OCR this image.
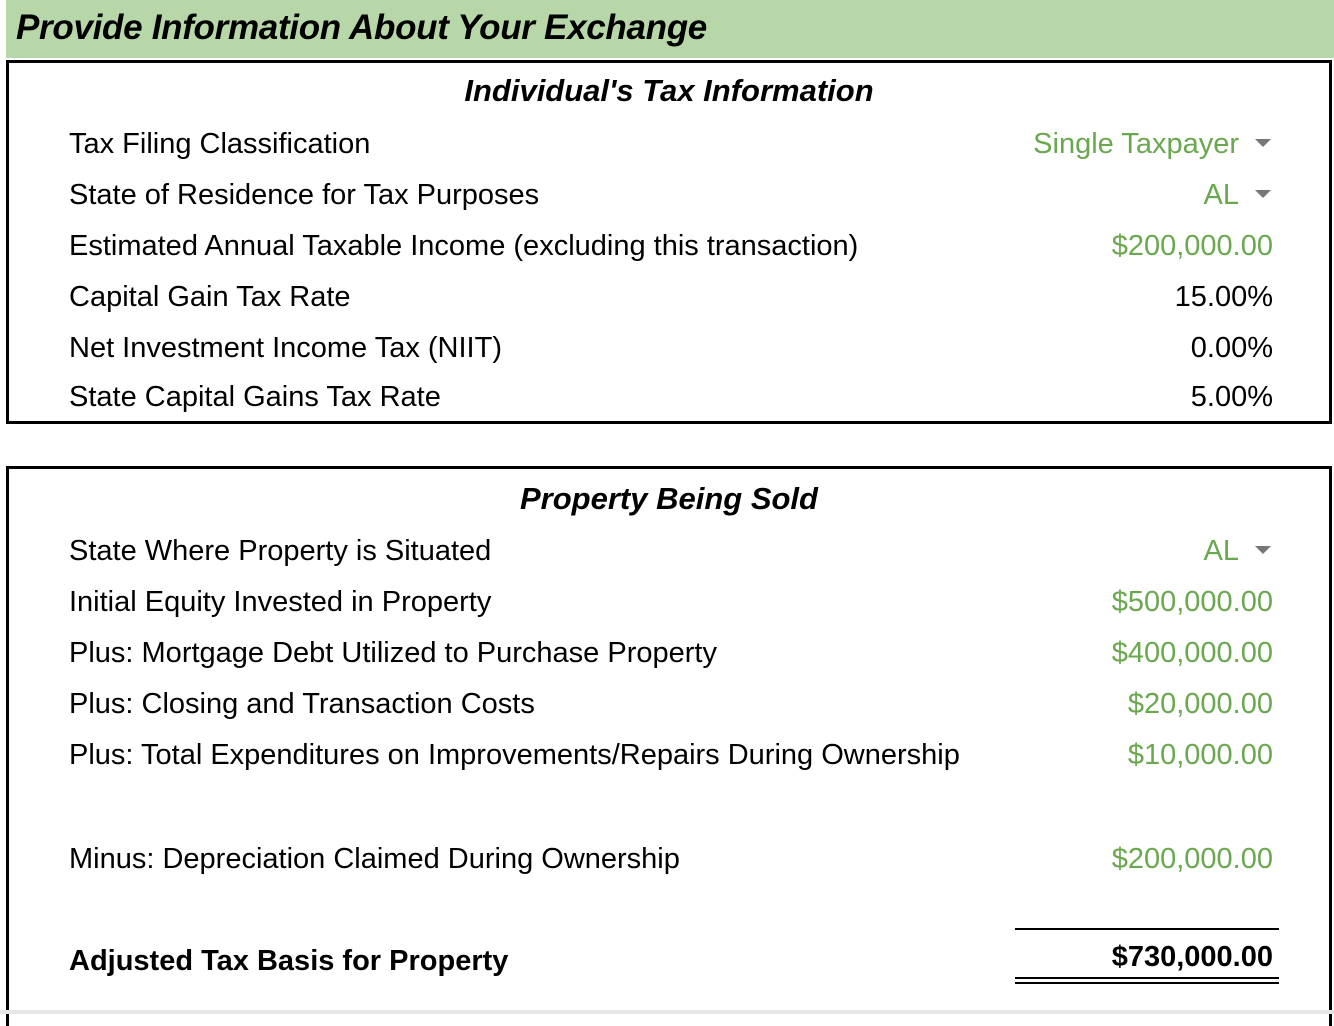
Provide Information About Your Exchange
Individual's Tax Information
Tax Filing Classification	Single Taxpayer
State of Residence for Tax Purposes	AL
Estimated Annual Taxable Income (excluding this transaction)	$200,000.00
Capital Gain Tax Rate	15.00%
Net Investment Income Tax (NIIT)	0.00%
State Capital Gains Tax Rate	5.00%
Property Being Sold
State Where Property is Situated	AL
Initial Equity Invested in Property	$500,000.00
Plus: Mortgage Debt Utilized to Purchase Property	$400,000.00
Plus: Closing and Transaction Costs	$20,000.00
Plus: Total Expenditures on Improvements/Repairs During Ownership	$10,000.00
Minus: Depreciation Claimed During Ownership	$200,000.00
Adjusted Tax Basis for Property	$730,000.00
